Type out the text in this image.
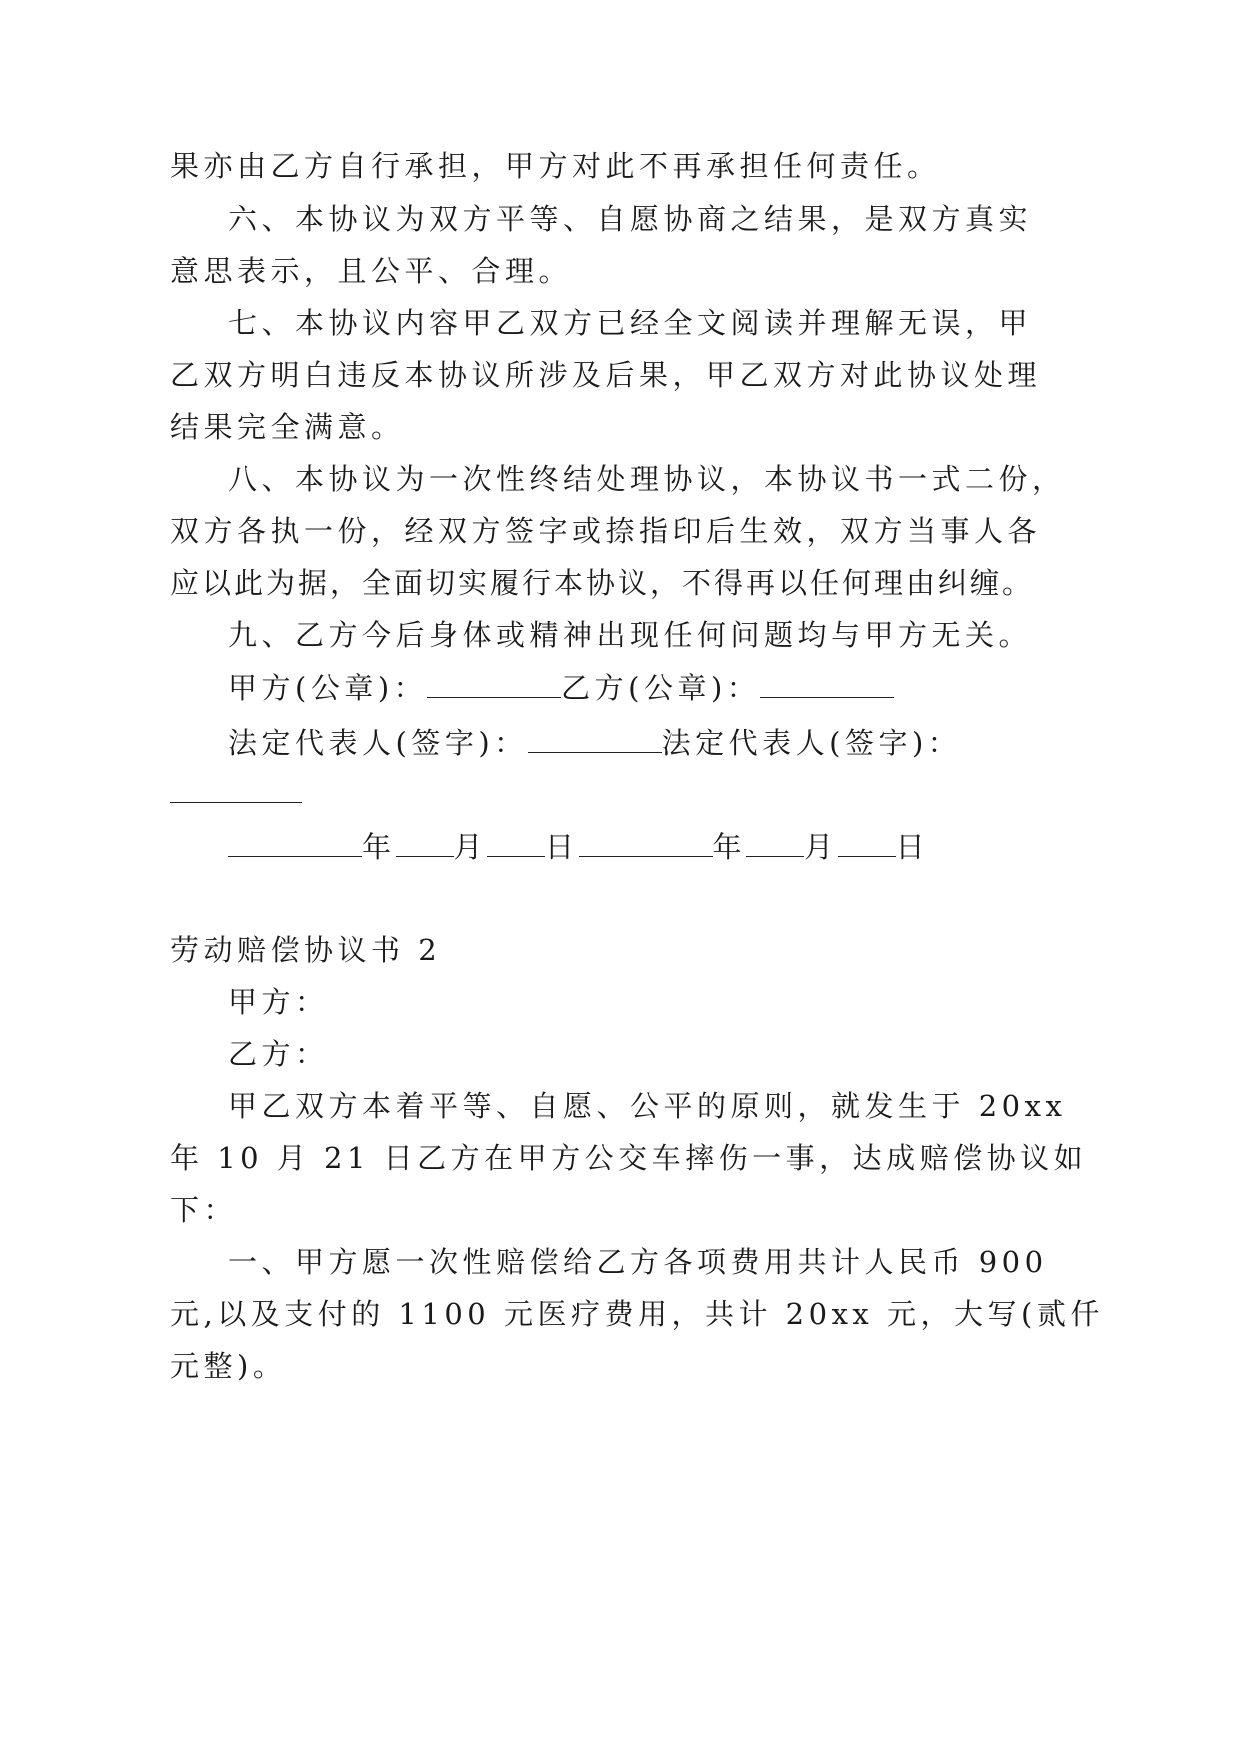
果亦由乙方自行承担，甲方对此不再承担任何责任。
六、本协议为双方平等、自愿协商之结果，是双方真实
意思表示，且公平、合理。
七、本协议内容甲乙双方已经全文阅读并理解无误，甲
乙双方明白违反本协议所涉及后果，甲乙双方对此协议处理
结果完全满意。
八、本协议为一次性终结处理协议，本协议书一式二份，
双方各执一份，经双方签字或捺指印后生效，双方当事人各
应以此为据，全面切实履行本协议，不得再以任何理由纠缠。
九、乙方今后身体或精神出现任何问题均与甲方无关。
甲方(公章)：	乙方(公章)：
法定代表人(签字)：	法定代表人(签字)：
年 月 日	年 月 日
劳动赔偿协议书 2
甲方：
乙方：
甲乙双方本着平等、自愿、公平的原则，就发生于 20xx
年 10 月 21 日乙方在甲方公交车摔伤一事，达成赔偿协议如
下：
一、甲方愿一次性赔偿给乙方各项费用共计人民币 900
元,以及支付的 1100 元医疗费用，共计 20xx 元，大写(贰仟
元整)。
